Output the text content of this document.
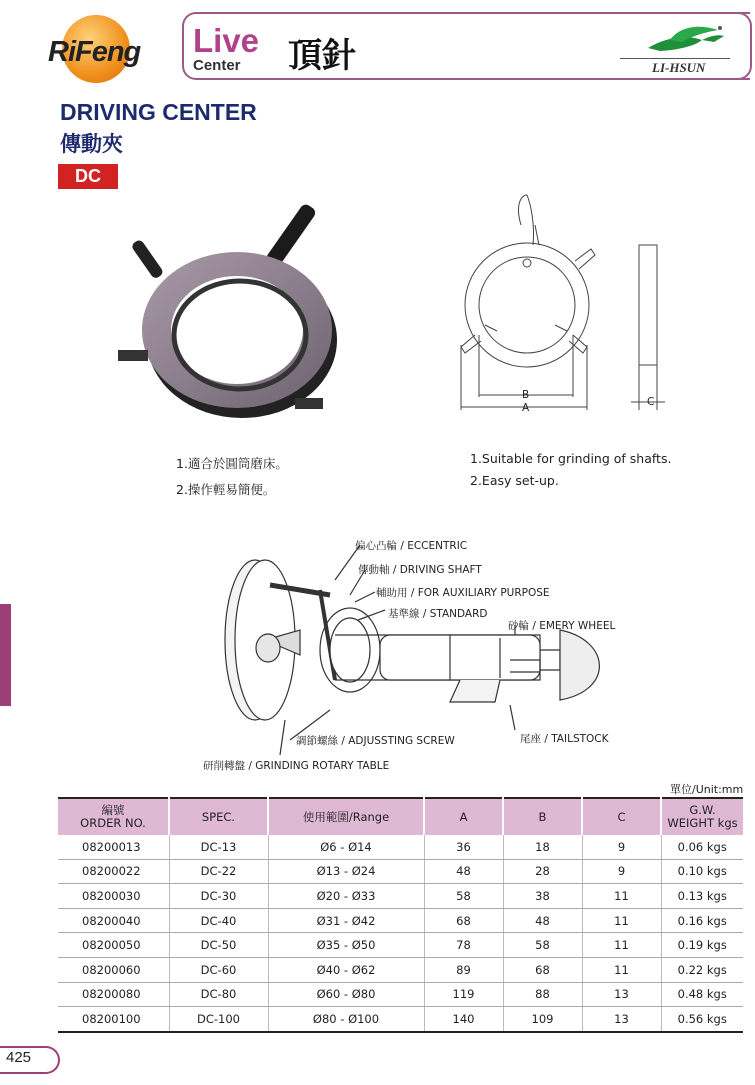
RiFeng Live
Center 頂針	LI-HSUN
DRIVING CENTER
傳動夾
DC
B
A	C
1.適合於圓筒磨床。
2.操作輕易簡便。
1.Suitable for grinding of shafts.
2.Easy set-up.
偏心凸輪 / ECCENTRIC
傳動軸 / DRIVING SHAFT
輔助用 / FOR AUXILIARY PURPOSE
基準線 / STANDARD
砂輪 / EMERY WHEEL
尾座 / TAILSTOCK
調節螺絲 / ADJUSSTING SCREW
研削轉盤 / GRINDING ROTARY TABLE
單位/Unit:mm
編號
ORDER NO.	SPEC.	使用範圍/Range	A	B	C	G.W.
WEIGHT kgs
08200013	DC-13	Ø6 - Ø14	36	18	9	0.06 kgs
08200022	DC-22	Ø13 - Ø24	48	28	9	0.10 kgs
08200030	DC-30	Ø20 - Ø33	58	38	11	0.13 kgs
08200040	DC-40	Ø31 - Ø42	68	48	11	0.16 kgs
08200050	DC-50	Ø35 - Ø50	78	58	11	0.19 kgs
08200060	DC-60	Ø40 - Ø62	89	68	11	0.22 kgs
08200080	DC-80	Ø60 - Ø80	119	88	13	0.48 kgs
08200100	DC-100	Ø80 - Ø100	140	109	13	0.56 kgs
425
